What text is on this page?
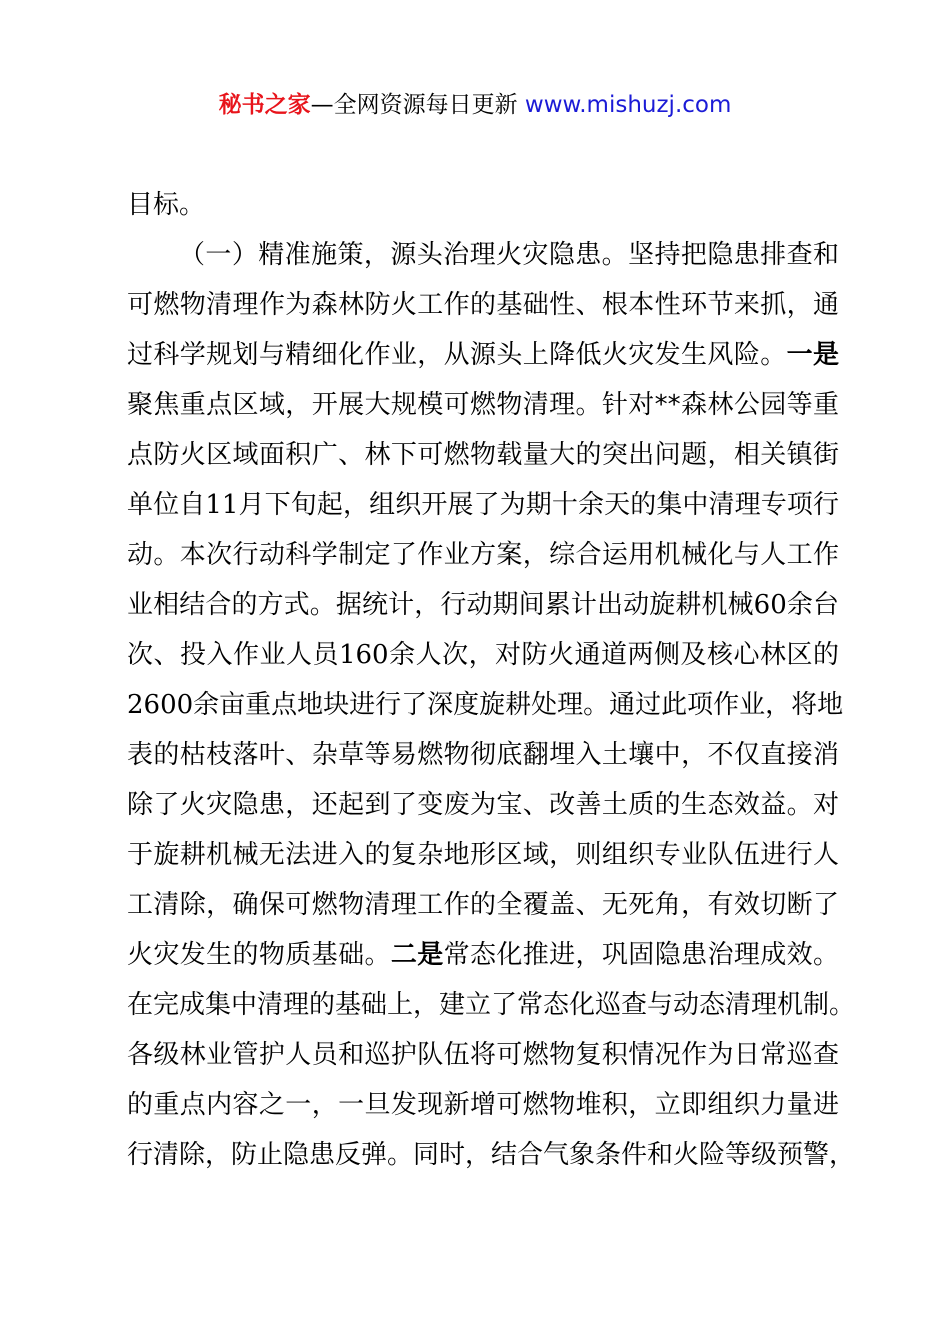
秘书之家—全网资源每日更新 www.mishuzj.com
目标。
（一）精准施策，源头治理火灾隐患。坚持把隐患排查和
可燃物清理作为森林防火工作的基础性、根本性环节来抓，通
过科学规划与精细化作业，从源头上降低火灾发生风险。一是
聚焦重点区域，开展大规模可燃物清理。针对**森林公园等重
点防火区域面积广、林下可燃物载量大的突出问题，相关镇街
单位自11月下旬起，组织开展了为期十余天的集中清理专项行
动。本次行动科学制定了作业方案，综合运用机械化与人工作
业相结合的方式。据统计，行动期间累计出动旋耕机械60余台
次、投入作业人员160余人次，对防火通道两侧及核心林区的
2600余亩重点地块进行了深度旋耕处理。通过此项作业，将地
表的枯枝落叶、杂草等易燃物彻底翻埋入土壤中，不仅直接消
除了火灾隐患，还起到了变废为宝、改善土质的生态效益。对
于旋耕机械无法进入的复杂地形区域，则组织专业队伍进行人
工清除，确保可燃物清理工作的全覆盖、无死角，有效切断了
火灾发生的物质基础。二是常态化推进，巩固隐患治理成效。
在完成集中清理的基础上，建立了常态化巡查与动态清理机制。
各级林业管护人员和巡护队伍将可燃物复积情况作为日常巡查
的重点内容之一，一旦发现新增可燃物堆积，立即组织力量进
行清除，防止隐患反弹。同时，结合气象条件和火险等级预警，
